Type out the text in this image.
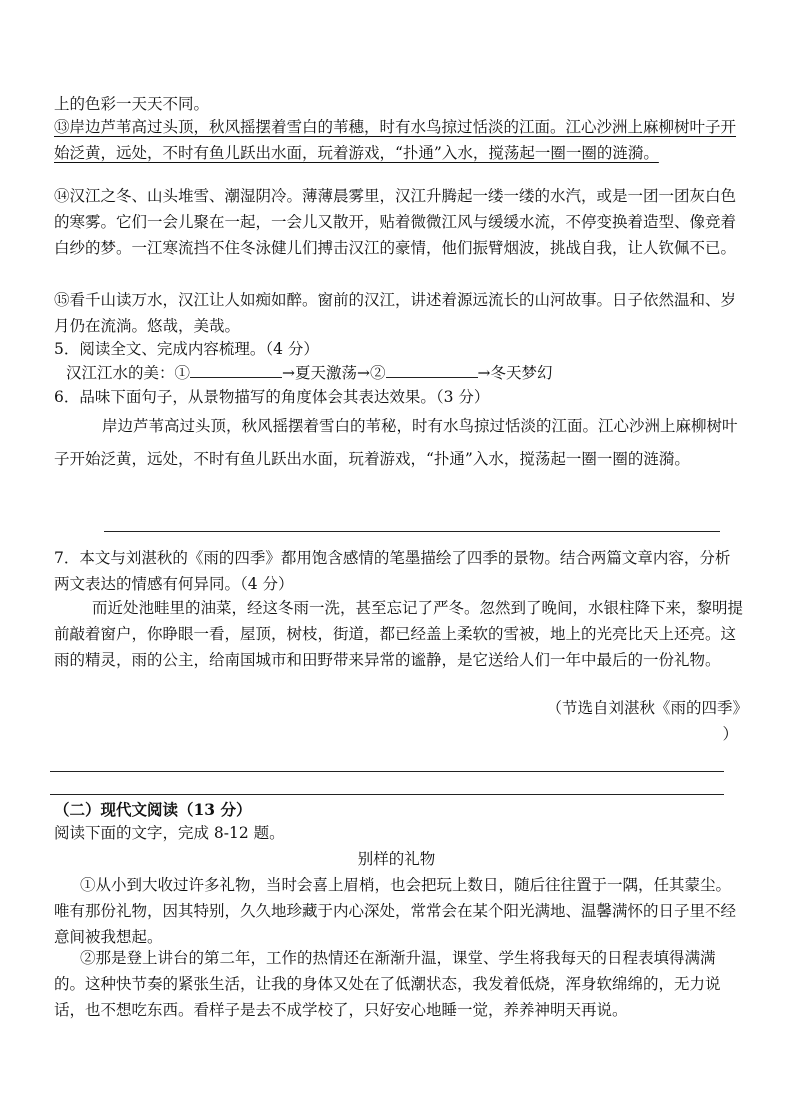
上的色彩一天天不同。

⑬岸边芦苇高过头顶，秋风摇摆着雪白的苇穗，时有水鸟掠过恬淡的江面。江心沙洲上麻柳树叶子开始泛黄，远处，不时有鱼儿跃出水面，玩着游戏，“扑通”入水，搅荡起一圈一圈的涟漪。

⑭汉江之冬、山头堆雪、潮湿阴冷。薄薄晨雾里，汉江升腾起一缕一缕的水汽，或是一团一团灰白色的寒雾。它们一会儿聚在一起，一会儿又散开，贴着微微江风与缓缓水流，不停变换着造型、像竞着白纱的梦。一江寒流挡不住冬泳健儿们搏击汉江的豪情，他们振臂烟波，挑战自我，让人钦佩不已。

⑮看千山读万水，汉江让人如痴如醉。窗前的汉江，讲述着源远流长的山河故事。日子依然温和、岁月仍在流淌。悠哉，美哉。

5．阅读全文、完成内容梳理。（4 分）

汉江江水的美：①	→夏天激荡→②	→冬天梦幻

6．品味下面句子，从景物描写的角度体会其表达效果。（3 分）

岸边芦苇高过头顶，秋风摇摆着雪白的苇秘，时有水鸟掠过恬淡的江面。江心沙洲上麻柳树叶子开始泛黄，远处，不时有鱼儿跃出水面，玩着游戏，“扑通”入水，搅荡起一圈一圈的涟漪。

7．本文与刘湛秋的《雨的四季》都用饱含感情的笔墨描绘了四季的景物。结合两篇文章内容，分析两文表达的情感有何异同。（4 分）

而近处池畦里的油菜，经这冬雨一洗，甚至忘记了严冬。忽然到了晚间，水银柱降下来，黎明提前敲着窗户，你睁眼一看，屋顶，树枝，街道，都已经盖上柔软的雪被，地上的光亮比天上还亮。这雨的精灵，雨的公主，给南国城市和田野带来异常的谧静，是它送给人们一年中最后的一份礼物。

（节选自刘湛秋《雨的四季》

）

（二）现代文阅读（13 分）

阅读下面的文字，完成 8-12 题。

别样的礼物

①从小到大收过许多礼物，当时会喜上眉梢，也会把玩上数日，随后往往置于一隅，任其蒙尘。唯有那份礼物，因其特别，久久地珍藏于内心深处，常常会在某个阳光满地、温馨满怀的日子里不经意间被我想起。

②那是登上讲台的第二年，工作的热情还在渐渐升温，课堂、学生将我每天的日程表填得满满的。这种快节奏的紧张生活，让我的身体又处在了低潮状态，我发着低烧，浑身软绵绵的，无力说话，也不想吃东西。看样子是去不成学校了，只好安心地睡一觉，养养神明天再说。
